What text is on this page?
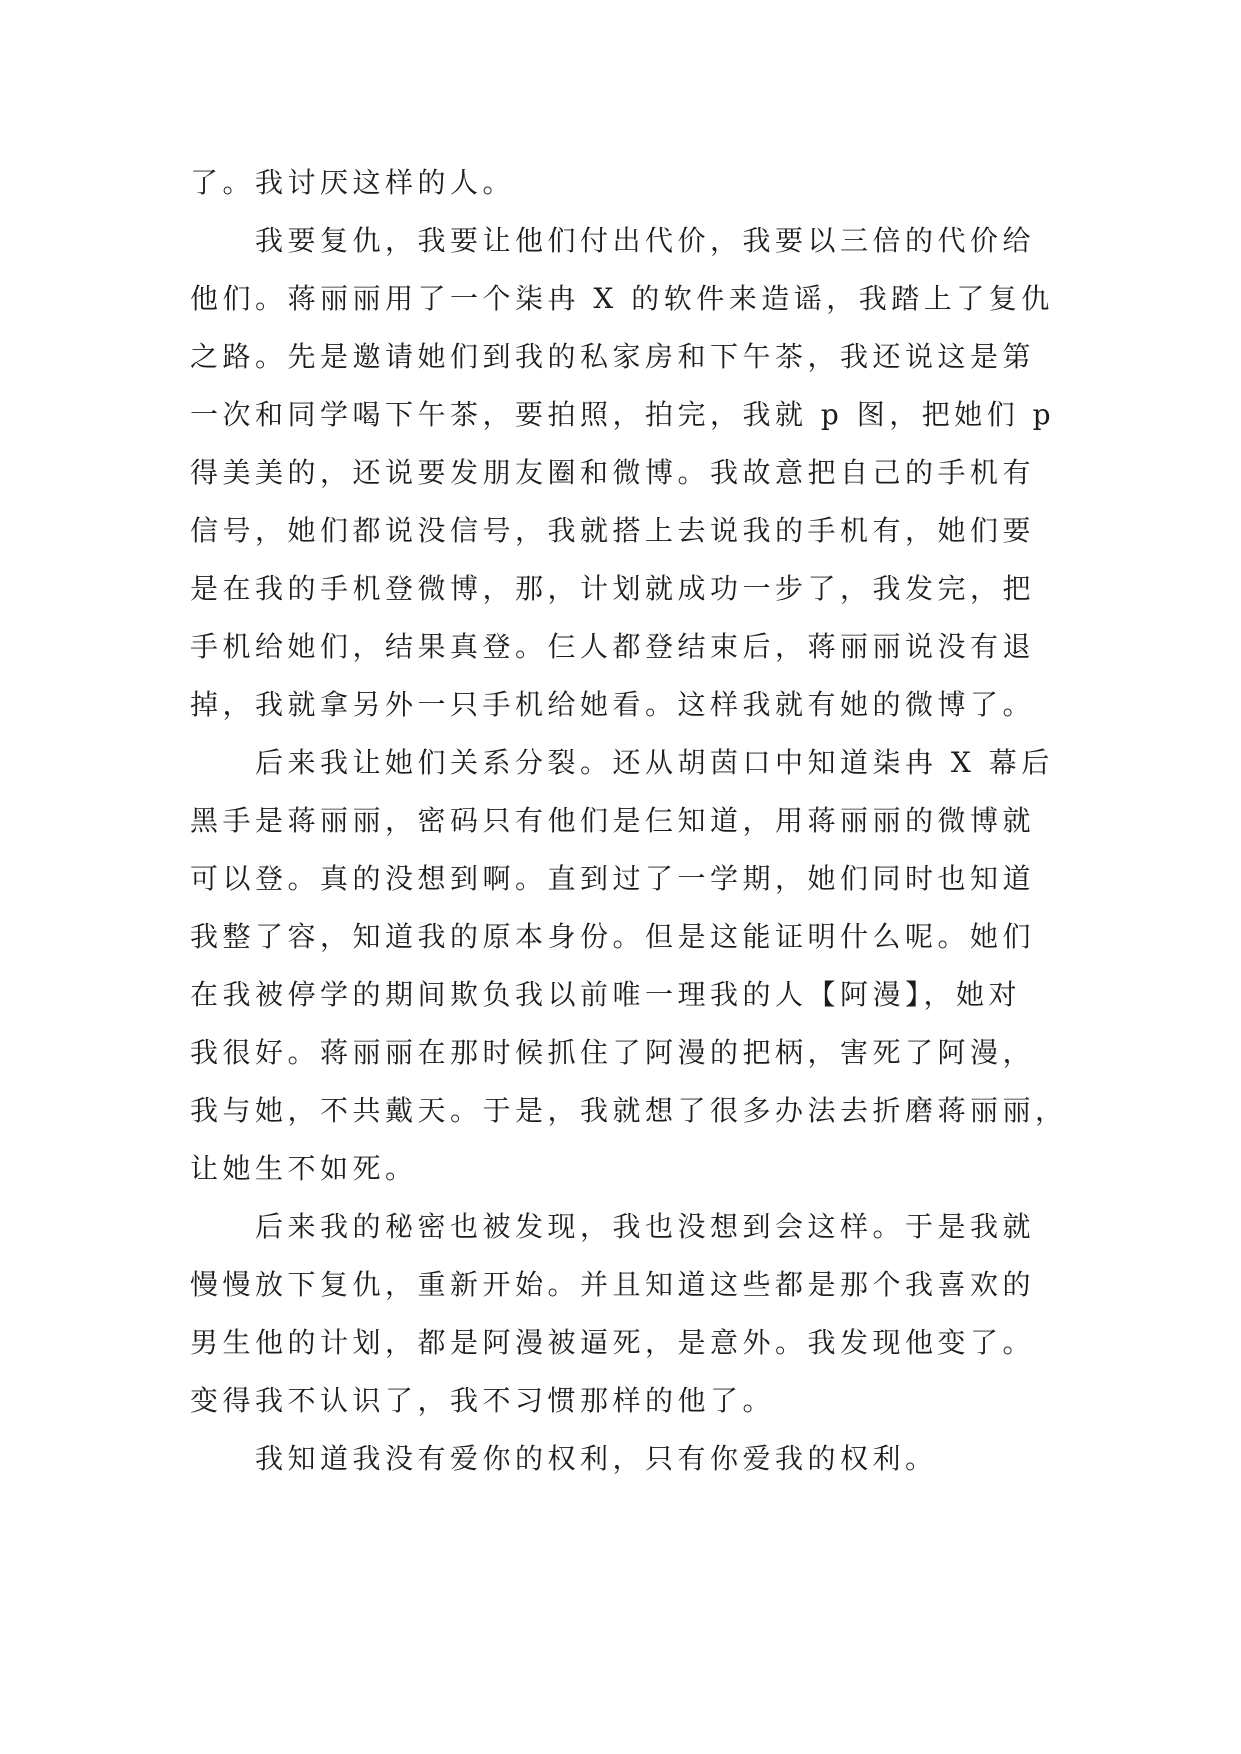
了。我讨厌这样的人。
我要复仇，我要让他们付出代价，我要以三倍的代价给
他们。蒋丽丽用了一个柒冉 X 的软件来造谣，我踏上了复仇
之路。先是邀请她们到我的私家房和下午茶，我还说这是第
一次和同学喝下午茶，要拍照，拍完，我就 p 图，把她们 p
得美美的，还说要发朋友圈和微博。我故意把自己的手机有
信号，她们都说没信号，我就搭上去说我的手机有，她们要
是在我的手机登微博，那，计划就成功一步了，我发完，把
手机给她们，结果真登。仨人都登结束后，蒋丽丽说没有退
掉，我就拿另外一只手机给她看。这样我就有她的微博了。
后来我让她们关系分裂。还从胡茵口中知道柒冉 X 幕后
黑手是蒋丽丽，密码只有他们是仨知道，用蒋丽丽的微博就
可以登。真的没想到啊。直到过了一学期，她们同时也知道
我整了容，知道我的原本身份。但是这能证明什么呢。她们
在我被停学的期间欺负我以前唯一理我的人【阿漫】，她对
我很好。蒋丽丽在那时候抓住了阿漫的把柄，害死了阿漫，
我与她，不共戴天。于是，我就想了很多办法去折磨蒋丽丽，
让她生不如死。
后来我的秘密也被发现，我也没想到会这样。于是我就
慢慢放下复仇，重新开始。并且知道这些都是那个我喜欢的
男生他的计划，都是阿漫被逼死，是意外。我发现他变了。
变得我不认识了，我不习惯那样的他了。
我知道我没有爱你的权利，只有你爱我的权利。
